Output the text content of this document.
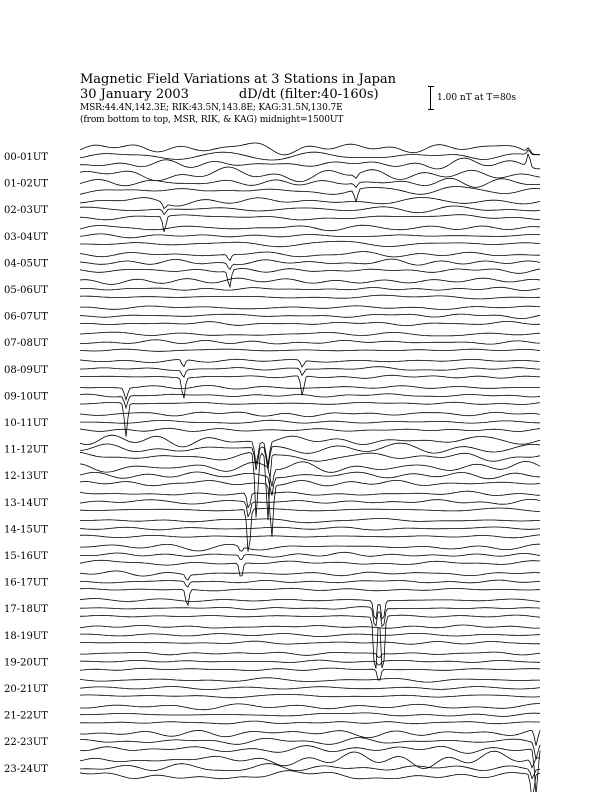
Magnetic Field Variations at 3 Stations in Japan
30 January 2003	dD/dt (filter:40-160s)
MSR:44.4N,142.3E; RIK:43.5N,143.8E; KAG:31.5N,130.7E
(from bottom to top, MSR, RIK, & KAG) midnight=1500UT
1.00 nT at T=80s
00-01UT
01-02UT
02-03UT
03-04UT
04-05UT
05-06UT
06-07UT
07-08UT
08-09UT
09-10UT
10-11UT
11-12UT
12-13UT
13-14UT
14-15UT
15-16UT
16-17UT
17-18UT
18-19UT
19-20UT
20-21UT
21-22UT
22-23UT
23-24UT
